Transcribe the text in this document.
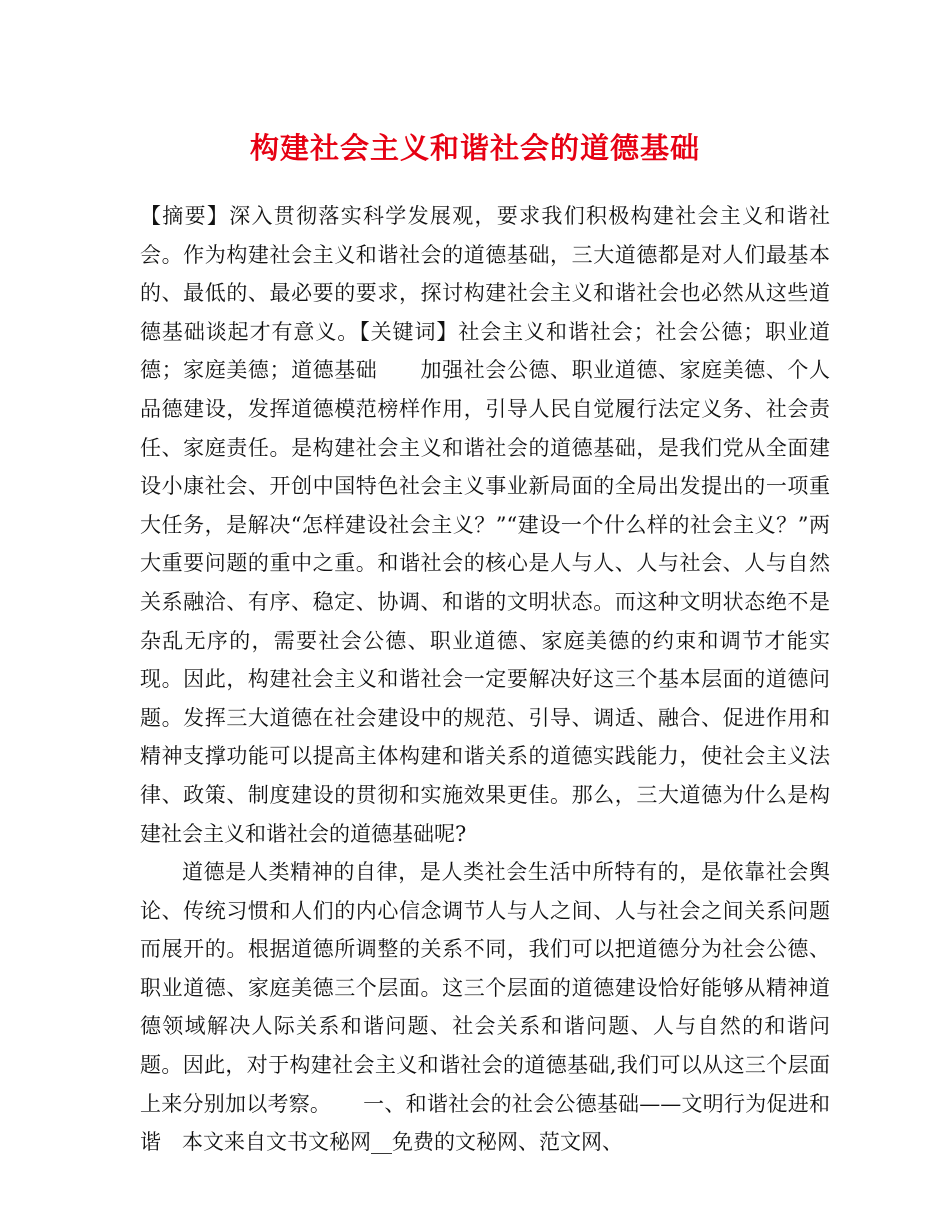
构建社会主义和谐社会的道德基础

【摘要】深入贯彻落实科学发展观，要求我们积极构建社会主义和谐社会。作为构建社会主义和谐社会的道德基础，三大道德都是对人们最基本的、最低的、最必要的要求，探讨构建社会主义和谐社会也必然从这些道德基础谈起才有意义。【关键词】社会主义和谐社会；社会公德；职业道德；家庭美德；道德基础　　加强社会公德、职业道德、家庭美德、个人品德建设，发挥道德模范榜样作用，引导人民自觉履行法定义务、社会责任、家庭责任。是构建社会主义和谐社会的道德基础，是我们党从全面建设小康社会、开创中国特色社会主义事业新局面的全局出发提出的一项重大任务，是解决“怎样建设社会主义？”“建设一个什么样的社会主义？”两大重要问题的重中之重。和谐社会的核心是人与人、人与社会、人与自然关系融洽、有序、稳定、协调、和谐的文明状态。而这种文明状态绝不是杂乱无序的，需要社会公德、职业道德、家庭美德的约束和调节才能实现。因此，构建社会主义和谐社会一定要解决好这三个基本层面的道德问题。发挥三大道德在社会建设中的规范、引导、调适、融合、促进作用和精神支撑功能可以提高主体构建和谐关系的道德实践能力，使社会主义法律、政策、制度建设的贯彻和实施效果更佳。那么，三大道德为什么是构建社会主义和谐社会的道德基础呢?

道德是人类精神的自律，是人类社会生活中所特有的，是依靠社会舆论、传统习惯和人们的内心信念调节人与人之间、人与社会之间关系问题而展开的。根据道德所调整的关系不同，我们可以把道德分为社会公德、职业道德、家庭美德三个层面。这三个层面的道德建设恰好能够从精神道德领域解决人际关系和谐问题、社会关系和谐问题、人与自然的和谐问题。因此，对于构建社会主义和谐社会的道德基础,我们可以从这三个层面上来分别加以考察。　　一、和谐社会的社会公德基础——文明行为促进和谐　本文来自文书文秘网__免费的文秘网、范文网、
